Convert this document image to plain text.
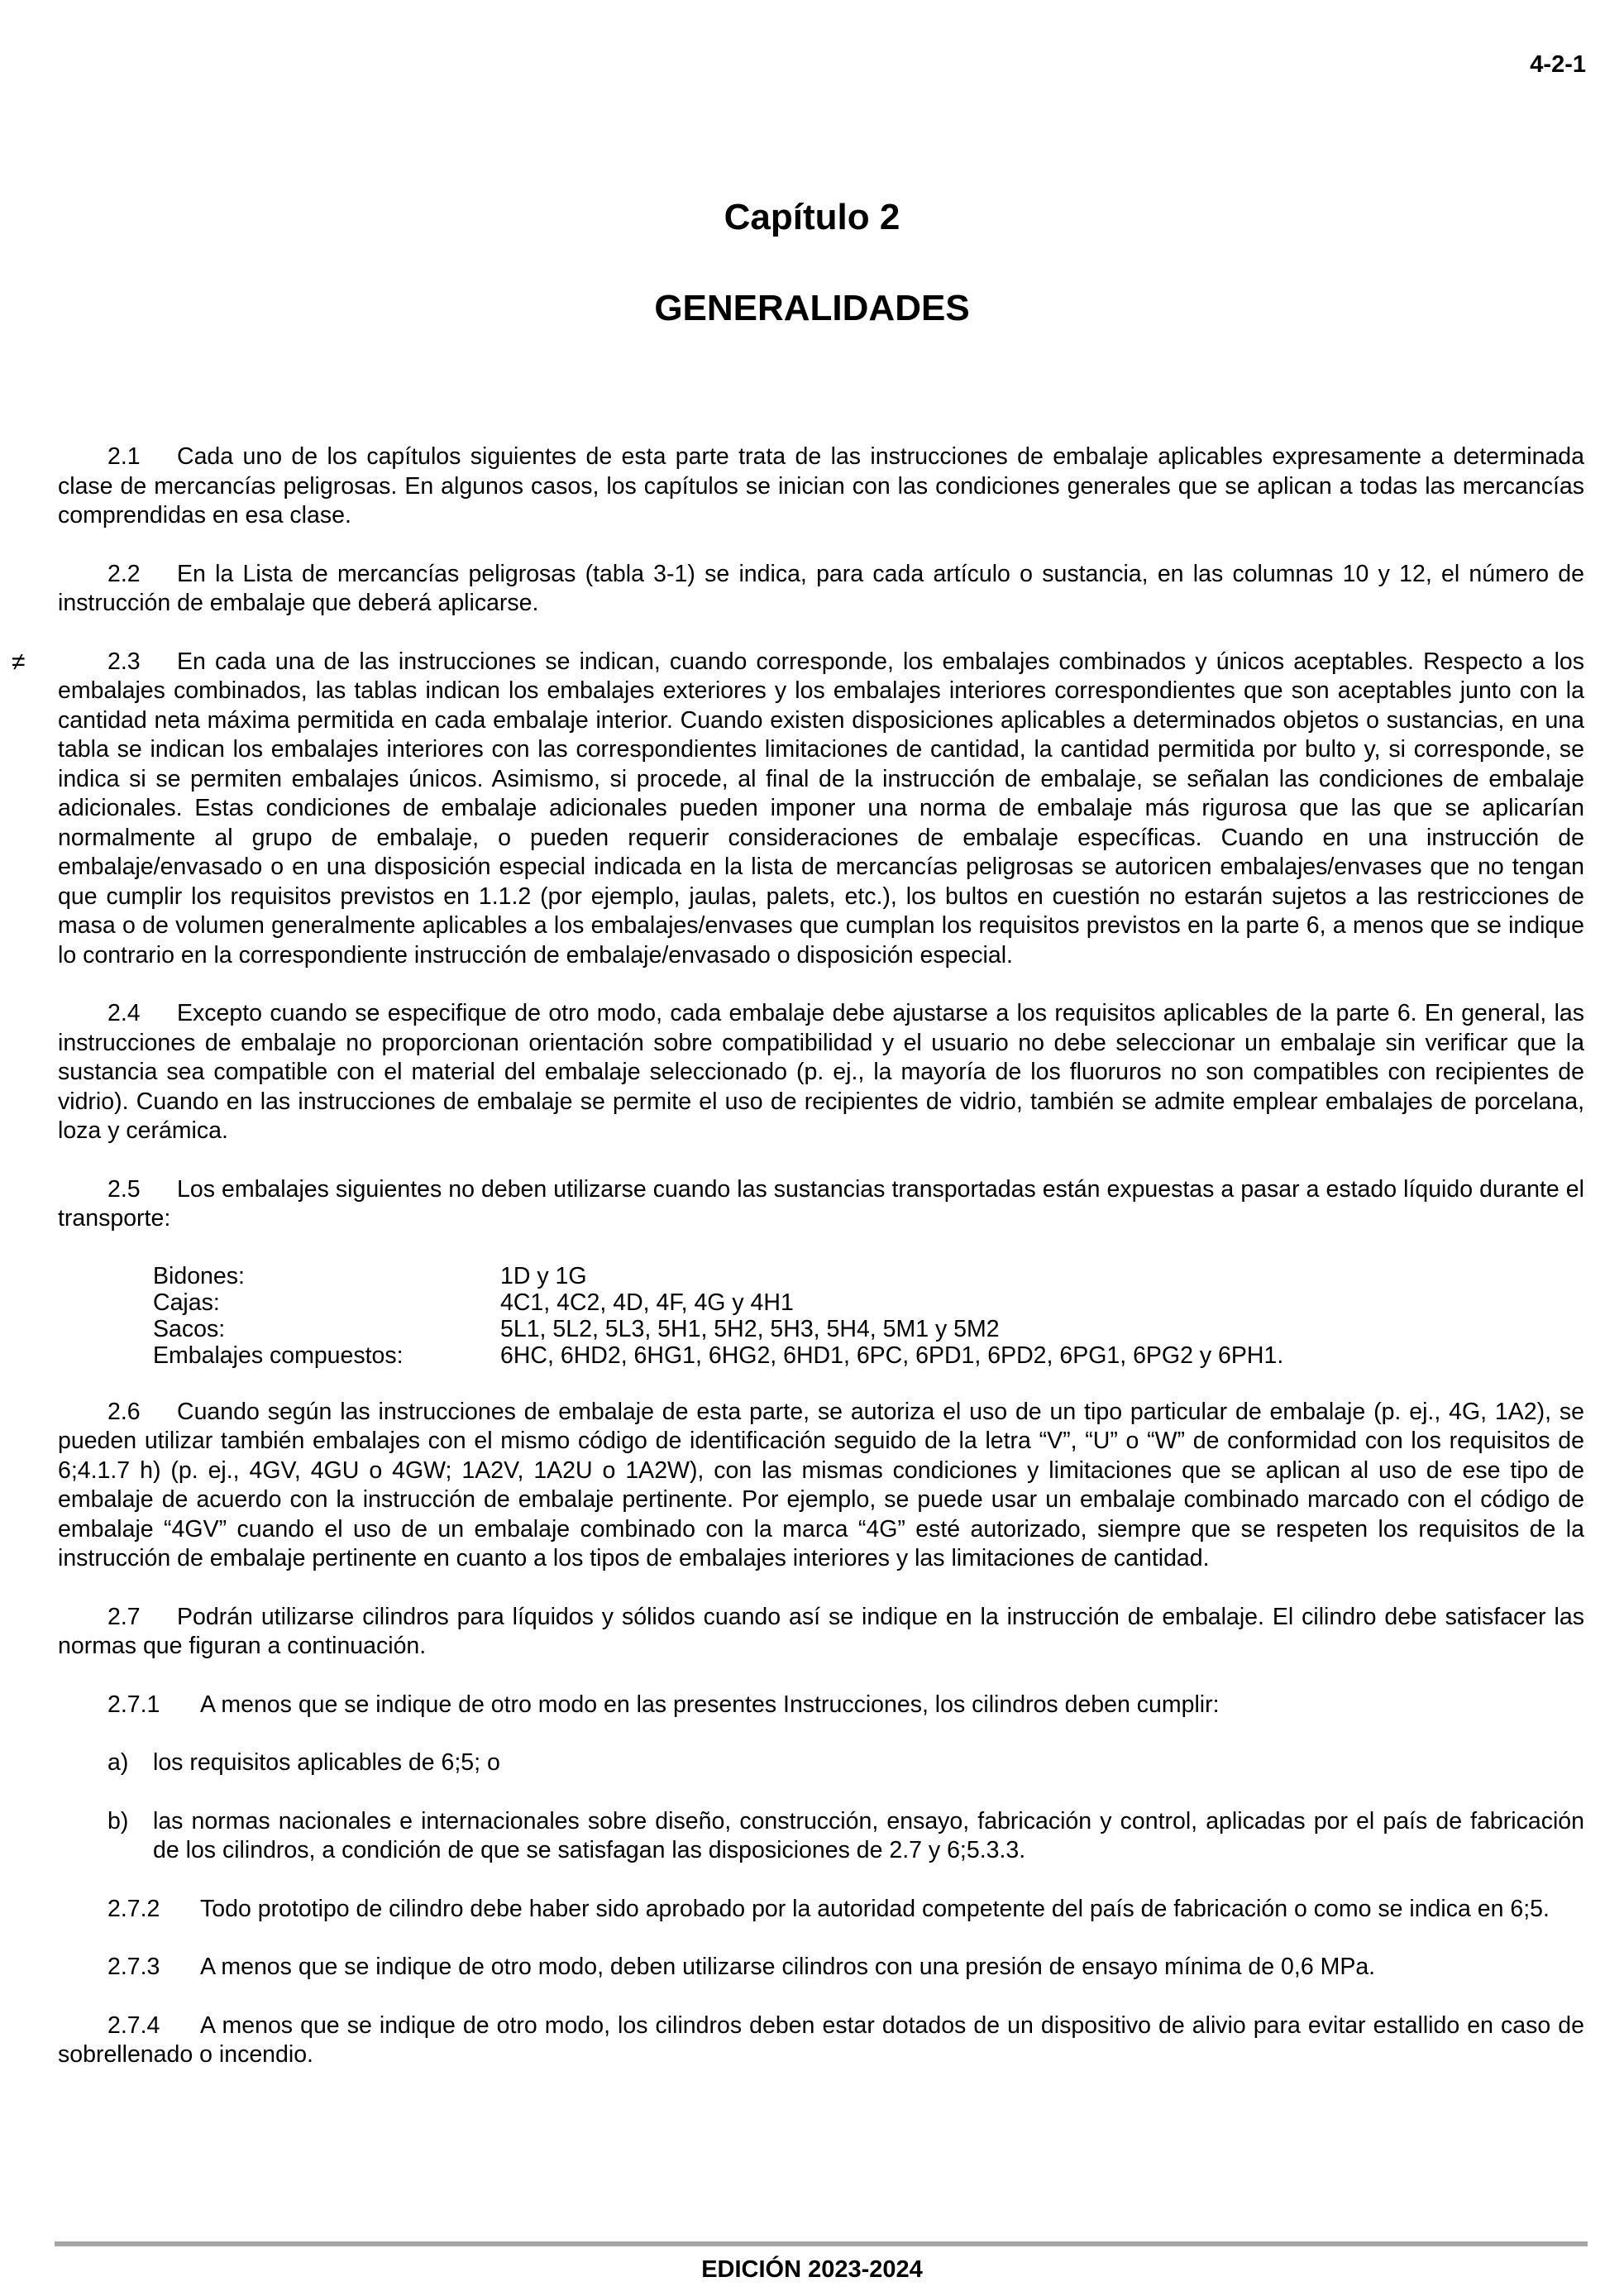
4-2-1
Capítulo 2
GENERALIDADES

2.1 Cada uno de los capítulos siguientes de esta parte trata de las instrucciones de embalaje aplicables expresamente a determinada clase de mercancías peligrosas. En algunos casos, los capítulos se inician con las condiciones generales que se aplican a todas las mercancías comprendidas en esa clase.

2.2 En la Lista de mercancías peligrosas (tabla 3-1) se indica, para cada artículo o sustancia, en las columnas 10 y 12, el número de instrucción de embalaje que deberá aplicarse.

≠	2.3 En cada una de las instrucciones se indican, cuando corresponde, los embalajes combinados y únicos aceptables. Respecto a los embalajes combinados, las tablas indican los embalajes exteriores y los embalajes interiores correspondientes que son aceptables junto con la cantidad neta máxima permitida en cada embalaje interior. Cuando existen disposiciones aplicables a determinados objetos o sustancias, en una tabla se indican los embalajes interiores con las correspondientes limitaciones de cantidad, la cantidad permitida por bulto y, si corresponde, se indica si se permiten embalajes únicos. Asimismo, si procede, al final de la instrucción de embalaje, se señalan las condiciones de embalaje adicionales. Estas condiciones de embalaje adicionales pueden imponer una norma de embalaje más rigurosa que las que se aplicarían normalmente al grupo de embalaje, o pueden requerir consideraciones de embalaje específicas. Cuando en una instrucción de embalaje/envasado o en una disposición especial indicada en la lista de mercancías peligrosas se autoricen embalajes/envases que no tengan que cumplir los requisitos previstos en 1.1.2 (por ejemplo, jaulas, palets, etc.), los bultos en cuestión no estarán sujetos a las restricciones de masa o de volumen generalmente aplicables a los embalajes/envases que cumplan los requisitos previstos en la parte 6, a menos que se indique lo contrario en la correspondiente instrucción de embalaje/envasado o disposición especial.

2.4 Excepto cuando se especifique de otro modo, cada embalaje debe ajustarse a los requisitos aplicables de la parte 6. En general, las instrucciones de embalaje no proporcionan orientación sobre compatibilidad y el usuario no debe seleccionar un embalaje sin verificar que la sustancia sea compatible con el material del embalaje seleccionado (p. ej., la mayoría de los fluoruros no son compatibles con recipientes de vidrio). Cuando en las instrucciones de embalaje se permite el uso de recipientes de vidrio, también se admite emplear embalajes de porcelana, loza y cerámica.

2.5 Los embalajes siguientes no deben utilizarse cuando las sustancias transportadas están expuestas a pasar a estado líquido durante el transporte:

Bidones:	1D y 1G
Cajas:	4C1, 4C2, 4D, 4F, 4G y 4H1
Sacos:	5L1, 5L2, 5L3, 5H1, 5H2, 5H3, 5H4, 5M1 y 5M2
Embalajes compuestos:	6HC, 6HD2, 6HG1, 6HG2, 6HD1, 6PC, 6PD1, 6PD2, 6PG1, 6PG2 y 6PH1.

2.6 Cuando según las instrucciones de embalaje de esta parte, se autoriza el uso de un tipo particular de embalaje (p. ej., 4G, 1A2), se pueden utilizar también embalajes con el mismo código de identificación seguido de la letra “V”, “U” o “W” de conformidad con los requisitos de 6;4.1.7 h) (p. ej., 4GV, 4GU o 4GW; 1A2V, 1A2U o 1A2W), con las mismas condiciones y limitaciones que se aplican al uso de ese tipo de embalaje de acuerdo con la instrucción de embalaje pertinente. Por ejemplo, se puede usar un embalaje combinado marcado con el código de embalaje “4GV” cuando el uso de un embalaje combinado con la marca “4G” esté autorizado, siempre que se respeten los requisitos de la instrucción de embalaje pertinente en cuanto a los tipos de embalajes interiores y las limitaciones de cantidad.

2.7 Podrán utilizarse cilindros para líquidos y sólidos cuando así se indique en la instrucción de embalaje. El cilindro debe satisfacer las normas que figuran a continuación.

2.7.1 A menos que se indique de otro modo en las presentes Instrucciones, los cilindros deben cumplir:

a) los requisitos aplicables de 6;5; o
b) las normas nacionales e internacionales sobre diseño, construcción, ensayo, fabricación y control, aplicadas por el país de fabricación de los cilindros, a condición de que se satisfagan las disposiciones de 2.7 y 6;5.3.3.

2.7.2 Todo prototipo de cilindro debe haber sido aprobado por la autoridad competente del país de fabricación o como se indica en 6;5.

2.7.3 A menos que se indique de otro modo, deben utilizarse cilindros con una presión de ensayo mínima de 0,6 MPa.

2.7.4 A menos que se indique de otro modo, los cilindros deben estar dotados de un dispositivo de alivio para evitar estallido en caso de sobrellenado o incendio.

EDICIÓN 2023-2024
